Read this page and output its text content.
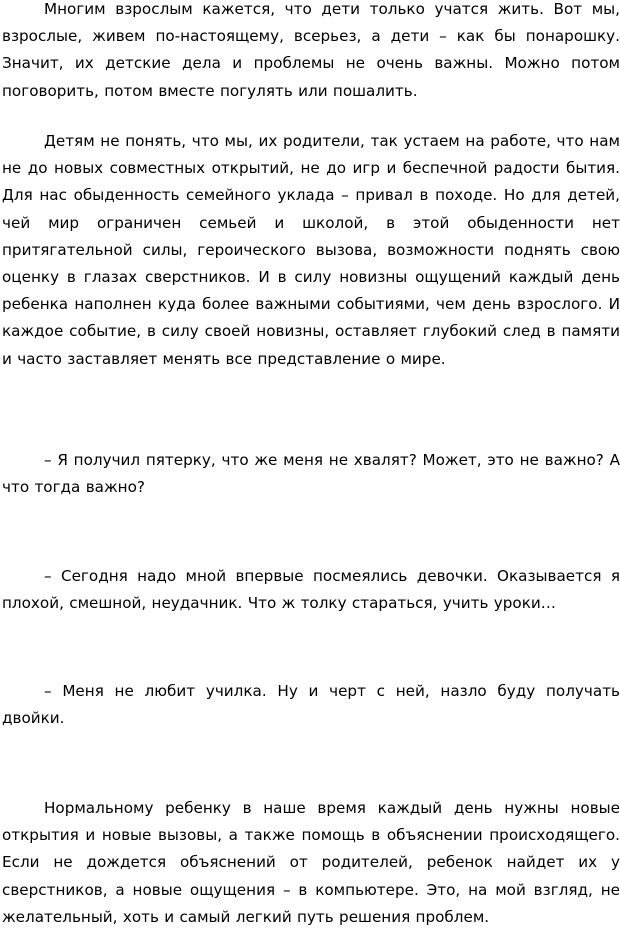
Многим взрослым кажется, что дети только учатся жить. Вот мы, взрослые, живем по-настоящему, всерьез, а дети – как бы понарошку. Значит, их детские дела и проблемы не очень важны. Можно потом поговорить, потом вместе погулять или пошалить.

Детям не понять, что мы, их родители, так устаем на работе, что нам не до новых совместных открытий, не до игр и беспечной радости бытия. Для нас обыденность семейного уклада – привал в походе. Но для детей, чей мир ограничен семьей и школой, в этой обыденности нет притягательной силы, героического вызова, возможности поднять свою оценку в глазах сверстников. И в силу новизны ощущений каждый день ребенка наполнен куда более важными событиями, чем день взрослого. И каждое событие, в силу своей новизны, оставляет глубокий след в памяти и часто заставляет менять все представление о мире.

– Я получил пятерку, что же меня не хвалят? Может, это не важно? А что тогда важно?

– Сегодня надо мной впервые посмеялись девочки. Оказывается я плохой, смешной, неудачник. Что ж толку стараться, учить уроки…

– Меня не любит училка. Ну и черт с ней, назло буду получать двойки.

Нормальному ребенку в наше время каждый день нужны новые открытия и новые вызовы, а также помощь в объяснении происходящего. Если не дождется объяснений от родителей, ребенок найдет их у сверстников, а новые ощущения – в компьютере. Это, на мой взгляд, не желательный, хоть и самый легкий путь решения проблем.
